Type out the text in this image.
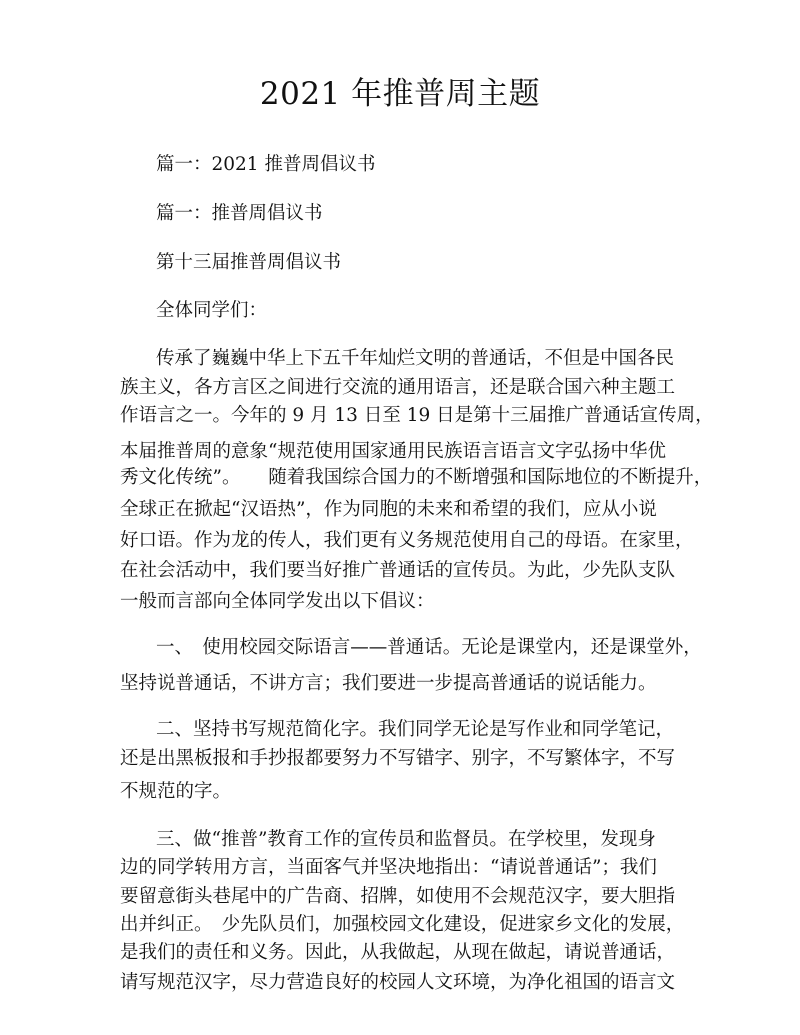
2021 年推普周主题
篇一：2021 推普周倡议书
篇一：推普周倡议书
第十三届推普周倡议书
全体同学们：
传承了巍巍中华上下五千年灿烂文明的普通话，不但是中国各民
族主义，各方言区之间进行交流的通用语言，还是联合国六种主题工
作语言之一。今年的 9 月 13 日至 19 日是第十三届推广普通话宣传周，
本届推普周的意象“规范使用国家通用民族语言语言文字弘扬中华优
秀文化传统”。　　随着我国综合国力的不断增强和国际地位的不断提升，
全球正在掀起“汉语热”，作为同胞的未来和希望的我们，应从小说
好口语。作为龙的传人，我们更有义务规范使用自己的母语。在家里，
在社会活动中，我们要当好推广普通话的宣传员。为此，少先队支队
一般而言部向全体同学发出以下倡议：
一、　使用校园交际语言——普通话。无论是课堂内，还是课堂外，
坚持说普通话，不讲方言；我们要进一步提高普通话的说话能力。
二、坚持书写规范简化字。我们同学无论是写作业和同学笔记，
还是出黑板报和手抄报都要努力不写错字、别字，不写繁体字，不写
不规范的字。
三、做“推普”教育工作的宣传员和监督员。在学校里，发现身
边的同学转用方言，当面客气并坚决地指出：“请说普通话”；我们
要留意街头巷尾中的广告商、招牌，如使用不会规范汉字，要大胆指
出并纠正。　少先队员们，加强校园文化建设，促进家乡文化的发展，
是我们的责任和义务。因此，从我做起，从现在做起，请说普通话，
请写规范汉字，尽力营造良好的校园人文环境，为净化祖国的语言文
